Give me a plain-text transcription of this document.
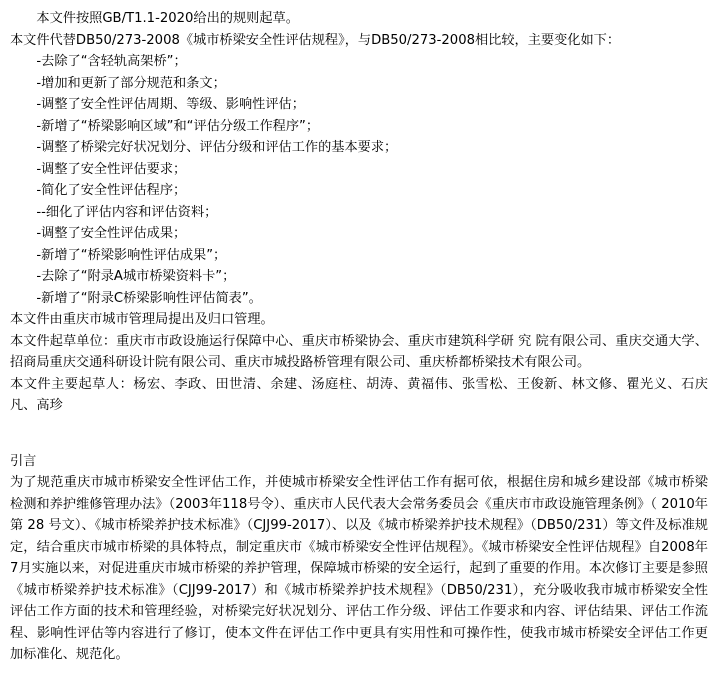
本文件按照GB/T1.1-2020给出的规则起草。

本文件代替DB50/273-2008《城市桥梁安全性评估规程》，与DB50/273-2008相比较，主要变化如下：

-去除了“含轻轨高架桥”；

-增加和更新了部分规范和条文；

-调整了安全性评估周期、等级、影响性评估；

-新增了“桥梁影响区域”和“评估分级工作程序”；

-调整了桥梁完好状况划分、评估分级和评估工作的基本要求；

-调整了安全性评估要求；

-简化了安全性评估程序；

--细化了评估内容和评估资料；

-调整了安全性评估成果；

-新增了“桥梁影响性评估成果”；

-去除了“附录A城市桥梁资料卡”；

-新增了“附录C桥梁影响性评估简表”。

本文件由重庆市城市管理局提出及归口管理。

本文件起草单位：重庆市市政设施运行保障中心、重庆市桥梁协会、重庆市建筑科学研 究 院有限公司、重庆交通大学、招商局重庆交通科研设计院有限公司、重庆市城投路桥管理有限公司、重庆桥都桥梁技术有限公司。

本文件主要起草人：杨宏、李政、田世清、余建、汤庭柱、胡涛、黄福伟、张雪松、王俊新、林文修、瞿光义、石庆凡、高珍

引言

为了规范重庆市城市桥梁安全性评估工作，并使城市桥梁安全性评估工作有据可依，根据住房和城乡建设部《城市桥梁检测和养护维修管理办法》（2003年118号令）、重庆市人民代表大会常务委员会《重庆市市政设施管理条例》（ 2010年第 28 号文）、《城市桥梁养护技术标准》（CJJ99-2017）、以及《城市桥梁养护技术规程》（DB50/231）等文件及标准规定，结合重庆市城市桥梁的具体特点，制定重庆市《城市桥梁安全性评估规程》。《城市桥梁安全性评估规程》自2008年7月实施以来，对促进重庆市城市桥梁的养护管理，保障城市桥梁的安全运行，起到了重要的作用。本次修订主要是参照《城市桥梁养护技术标准》（CJJ99-2017）和《城市桥梁养护技术规程》（DB50/231），充分吸收我市城市桥梁安全性评估工作方面的技术和管理经验，对桥梁完好状况划分、评估工作分级、评估工作要求和内容、评估结果、评估工作流程、影响性评估等内容进行了修订，使本文件在评估工作中更具有实用性和可操作性，使我市城市桥梁安全评估工作更加标准化、规范化。
